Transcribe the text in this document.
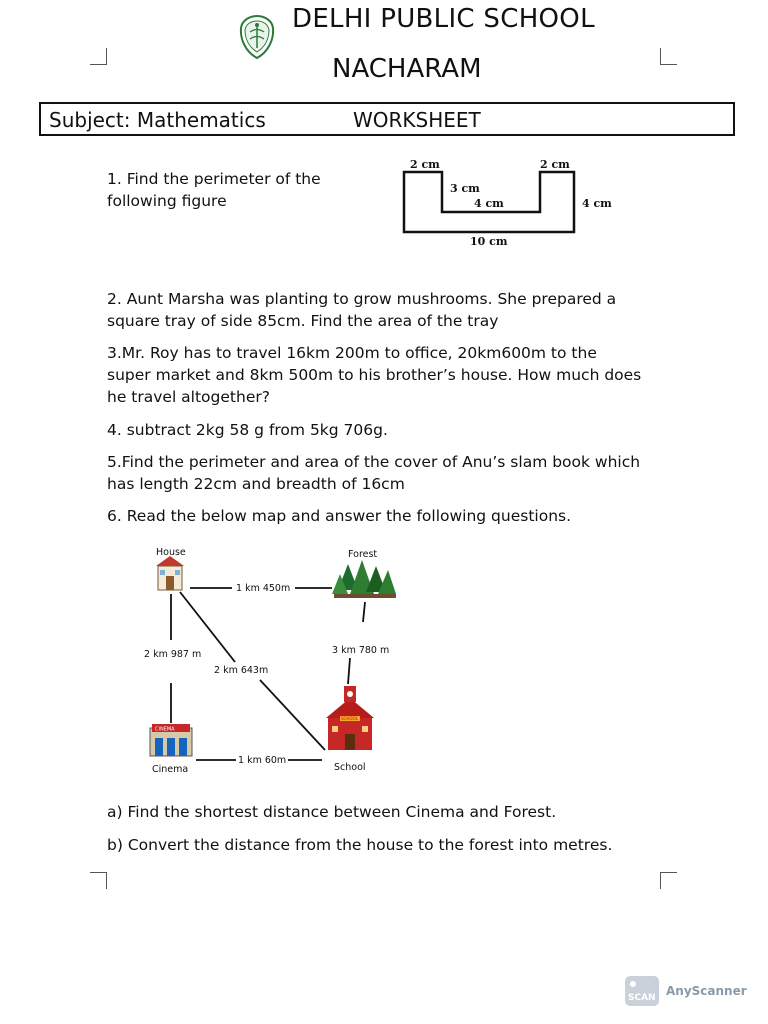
DELHI PUBLIC SCHOOL
NACHARAM
Subject: Mathematics	WORKSHEET
1. Find the perimeter of the following figure
2 cm	2 cm
3 cm
4 cm	4 cm
10 cm
2. Aunt Marsha was planting to grow mushrooms. She prepared a
square tray of side 85cm. Find the area of the tray
3.Mr. Roy has to travel 16km 200m to office, 20km600m to the
super market and 8km 500m to his brother’s house. How much does
he travel altogether?
4. subtract 2kg 58 g from 5kg 706g.
5.Find the perimeter and area of the cover of Anu’s slam book which
has length 22cm and breadth of 16cm
6. Read the below map and answer the following questions.
House	Forest
CINEMA
Cinema
SCHOOL
School
1 km 450m
2 km 987 m
2 km 643m
3 km 780 m
1 km 60m
a) Find the shortest distance between Cinema and Forest.
b) Convert the distance from the house to the forest into metres.
SCAN AnyScanner
